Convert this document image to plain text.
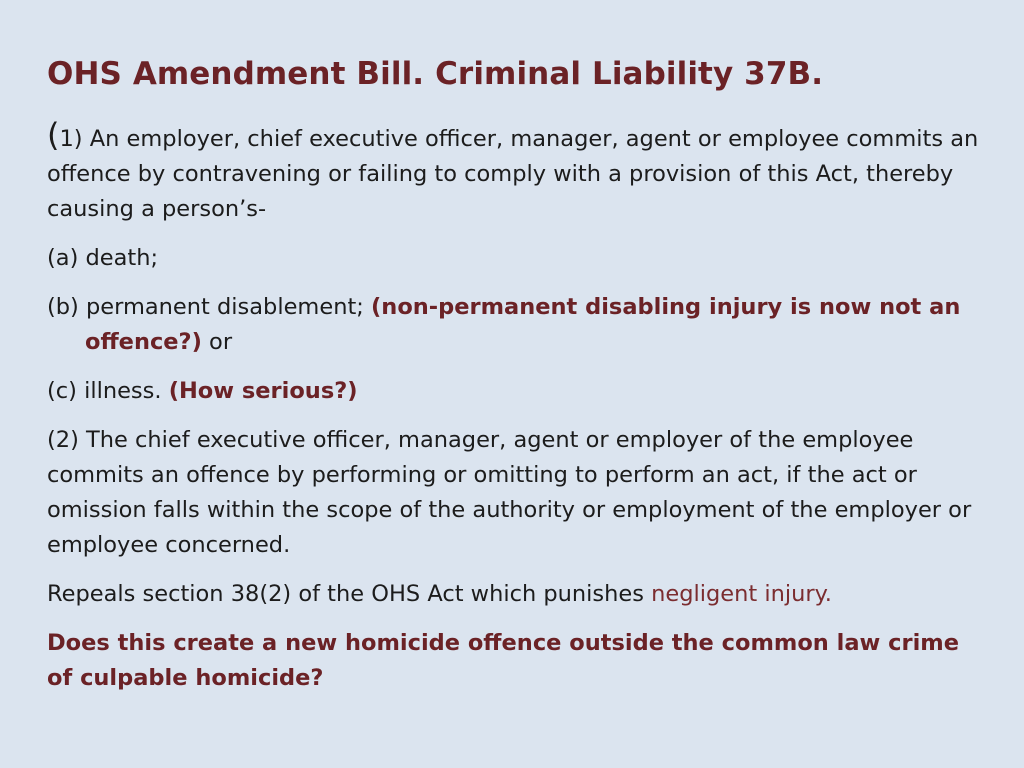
OHS Amendment Bill. Criminal Liability 37B.

(1) An employer, chief executive officer, manager, agent or employee commits an offence by contravening or failing to comply with a provision of this Act, thereby causing a person’s-

(a) death;

(b) permanent disablement; (non-permanent disabling injury is now not an offence?) or

(c) illness. (How serious?)

(2) The chief executive officer, manager, agent or employer of the employee commits an offence by performing or omitting to perform an act, if the act or omission falls within the scope of the authority or employment of the employer or employee concerned.

Repeals section 38(2) of the OHS Act which punishes negligent injury.

Does this create a new homicide offence outside the common law crime of culpable homicide?
